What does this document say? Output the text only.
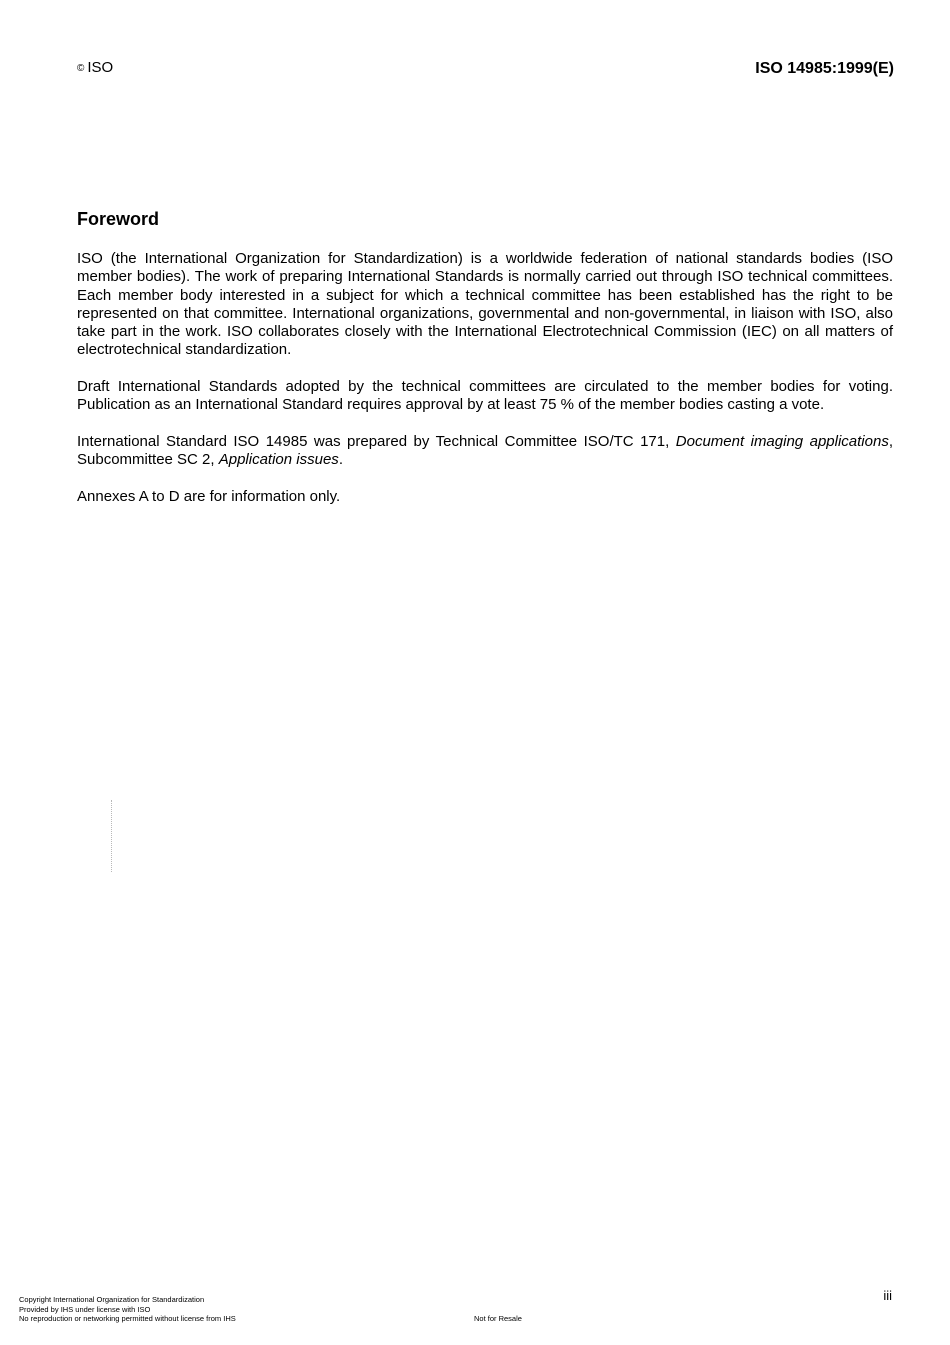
© ISO	ISO 14985:1999(E)
Foreword

ISO (the International Organization for Standardization) is a worldwide federation of national standards bodies (ISO member bodies). The work of preparing International Standards is normally carried out through ISO technical committees. Each member body interested in a subject for which a technical committee has been established has the right to be represented on that committee. International organizations, governmental and non-governmental, in liaison with ISO, also take part in the work. ISO collaborates closely with the International Electrotechnical Commission (IEC) on all matters of electrotechnical standardization.

Draft International Standards adopted by the technical committees are circulated to the member bodies for voting. Publication as an International Standard requires approval by at least 75 % of the member bodies casting a vote.

International Standard ISO 14985 was prepared by Technical Committee ISO/TC 171, Document imaging applications, Subcommittee SC 2, Application issues.

Annexes A to D are for information only.

iii
Copyright International Organization for Standardization
Provided by IHS under license with ISO
No reproduction or networking permitted without license from IHS	Not for Resale
